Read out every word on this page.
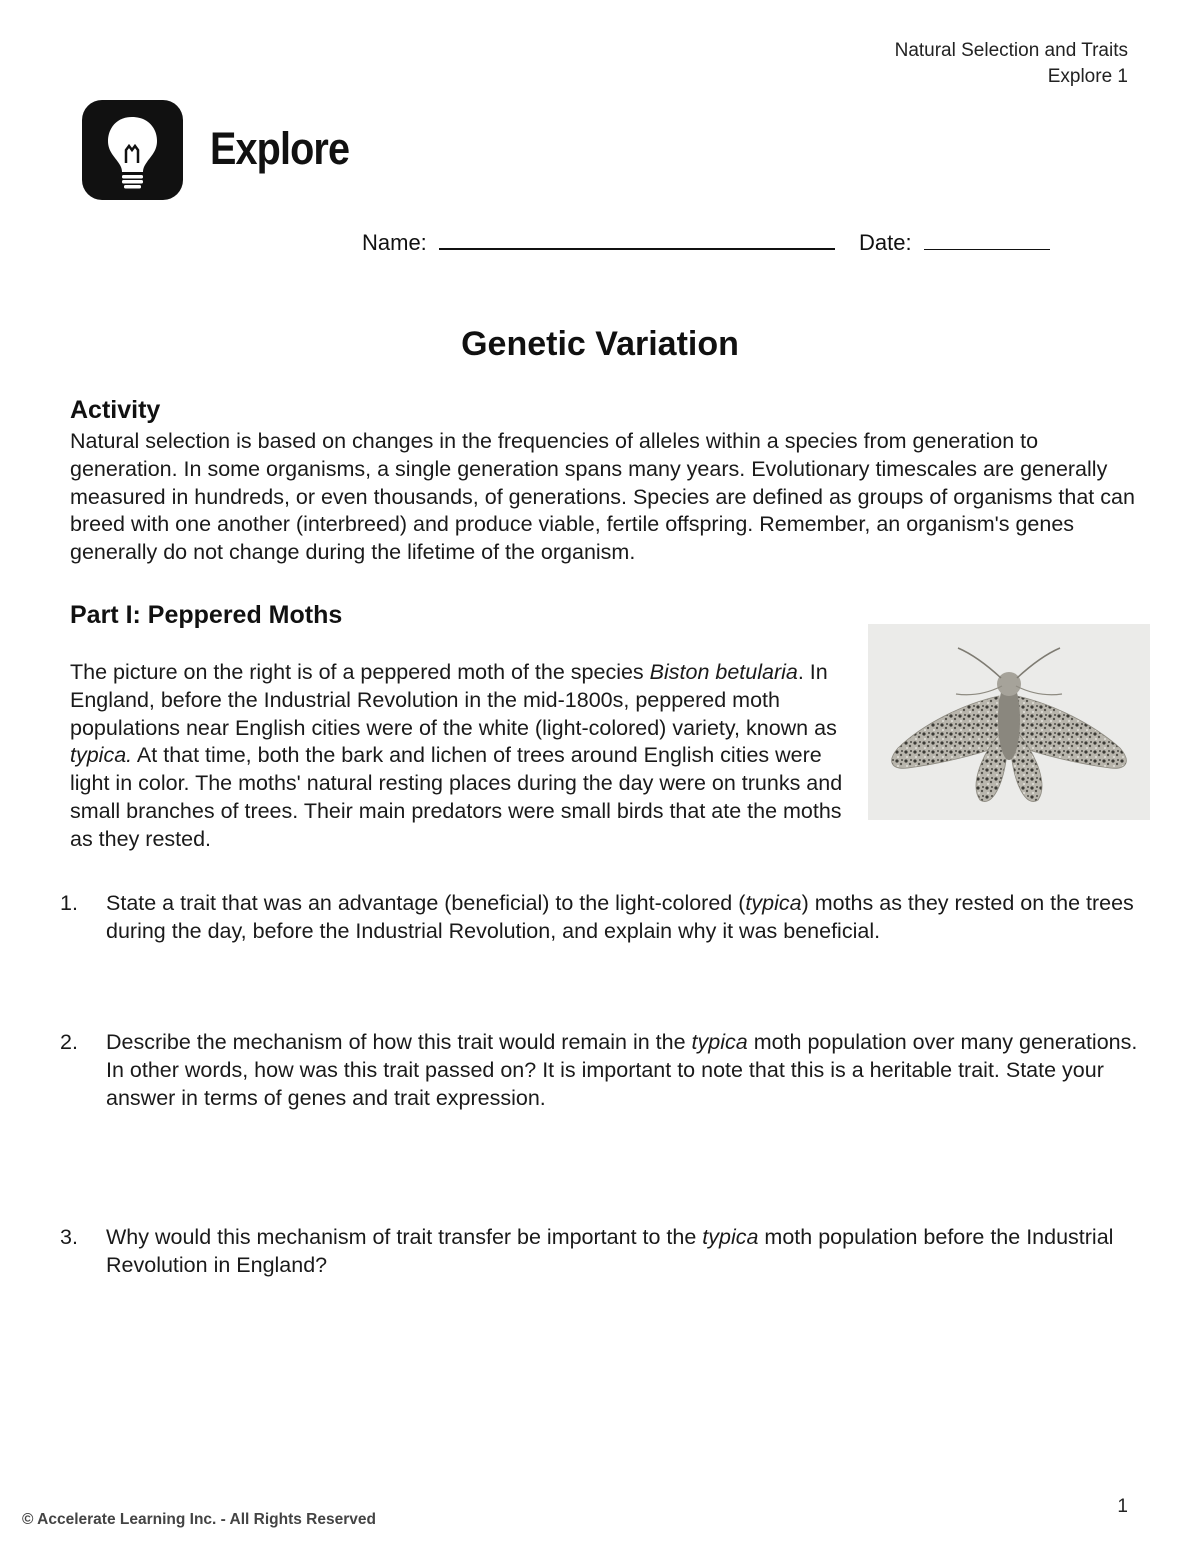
Natural Selection and Traits
Explore 1
Explore
Name:	Date:
Genetic Variation
Activity

Natural selection is based on changes in the frequencies of alleles within a species from generation to generation. In some organisms, a single generation spans many years. Evolutionary timescales are generally measured in hundreds, or even thousands, of generations. Species are defined as groups of organisms that can breed with one another (interbreed) and produce viable, fertile offspring. Remember, an organism's genes generally do not change during the lifetime of the organism.

Part I: Peppered Moths

The picture on the right is of a peppered moth of the species Biston betularia. In England, before the Industrial Revolution in the mid-1800s, peppered moth populations near English cities were of the white (light-colored) variety, known as typica. At that time, both the bark and lichen of trees around English cities were light in color. The moths' natural resting places during the day were on trunks and small branches of trees. Their main predators were small birds that ate the moths as they rested.

1.	State a trait that was an advantage (beneficial) to the light-colored (typica) moths as they rested on the trees during the day, before the Industrial Revolution, and explain why it was beneficial.
2.	Describe the mechanism of how this trait would remain in the typica moth population over many generations. In other words, how was this trait passed on? It is important to note that this is a heritable trait. State your answer in terms of genes and trait expression.
3.	Why would this mechanism of trait transfer be important to the typica moth population before the Industrial Revolution in England?
1
© Accelerate Learning Inc. - All Rights Reserved
